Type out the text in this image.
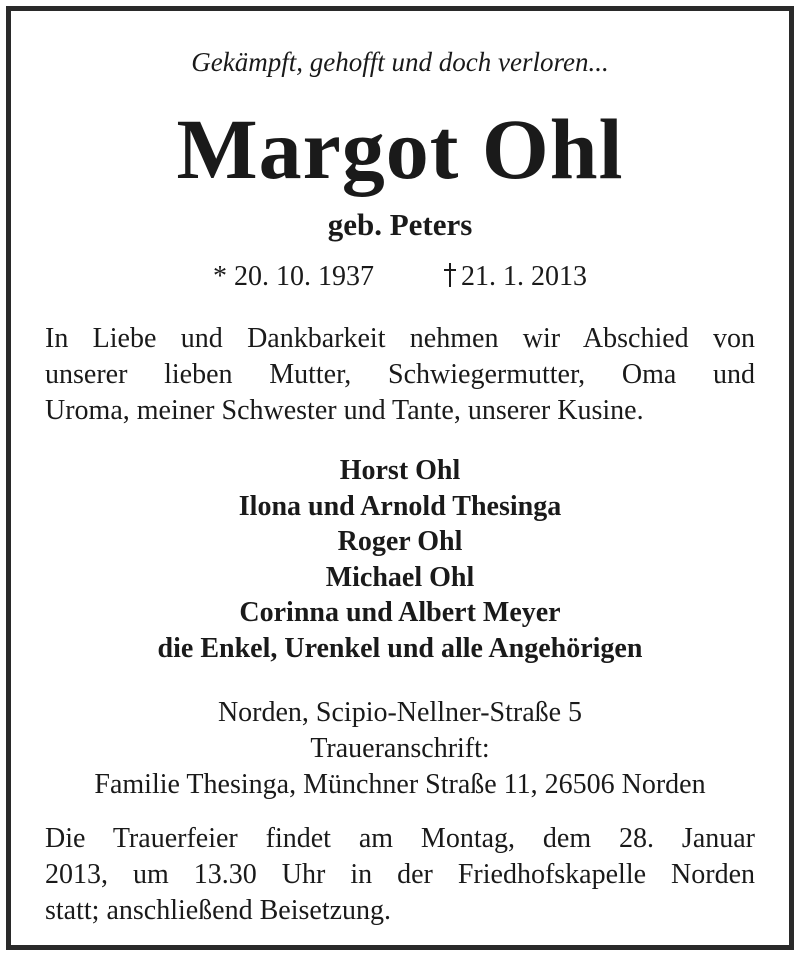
Gekämpft, gehofft und doch verloren...
Margot Ohl
geb. Peters
* 20. 10. 1937	21. 1. 2013
In Liebe und Dankbarkeit nehmen wir Abschied von
unserer lieben Mutter, Schwiegermutter, Oma und
Uroma, meiner Schwester und Tante, unserer Kusine.
Horst Ohl
Ilona und Arnold Thesinga
Roger Ohl
Michael Ohl
Corinna und Albert Meyer
die Enkel, Urenkel und alle Angehörigen
Norden, Scipio-Nellner-Straße 5
Traueranschrift:
Familie Thesinga, Münchner Straße 11, 26506 Norden
Die Trauerfeier findet am Montag, dem 28. Januar
2013, um 13.30 Uhr in der Friedhofskapelle Norden
statt; anschließend Beisetzung.
